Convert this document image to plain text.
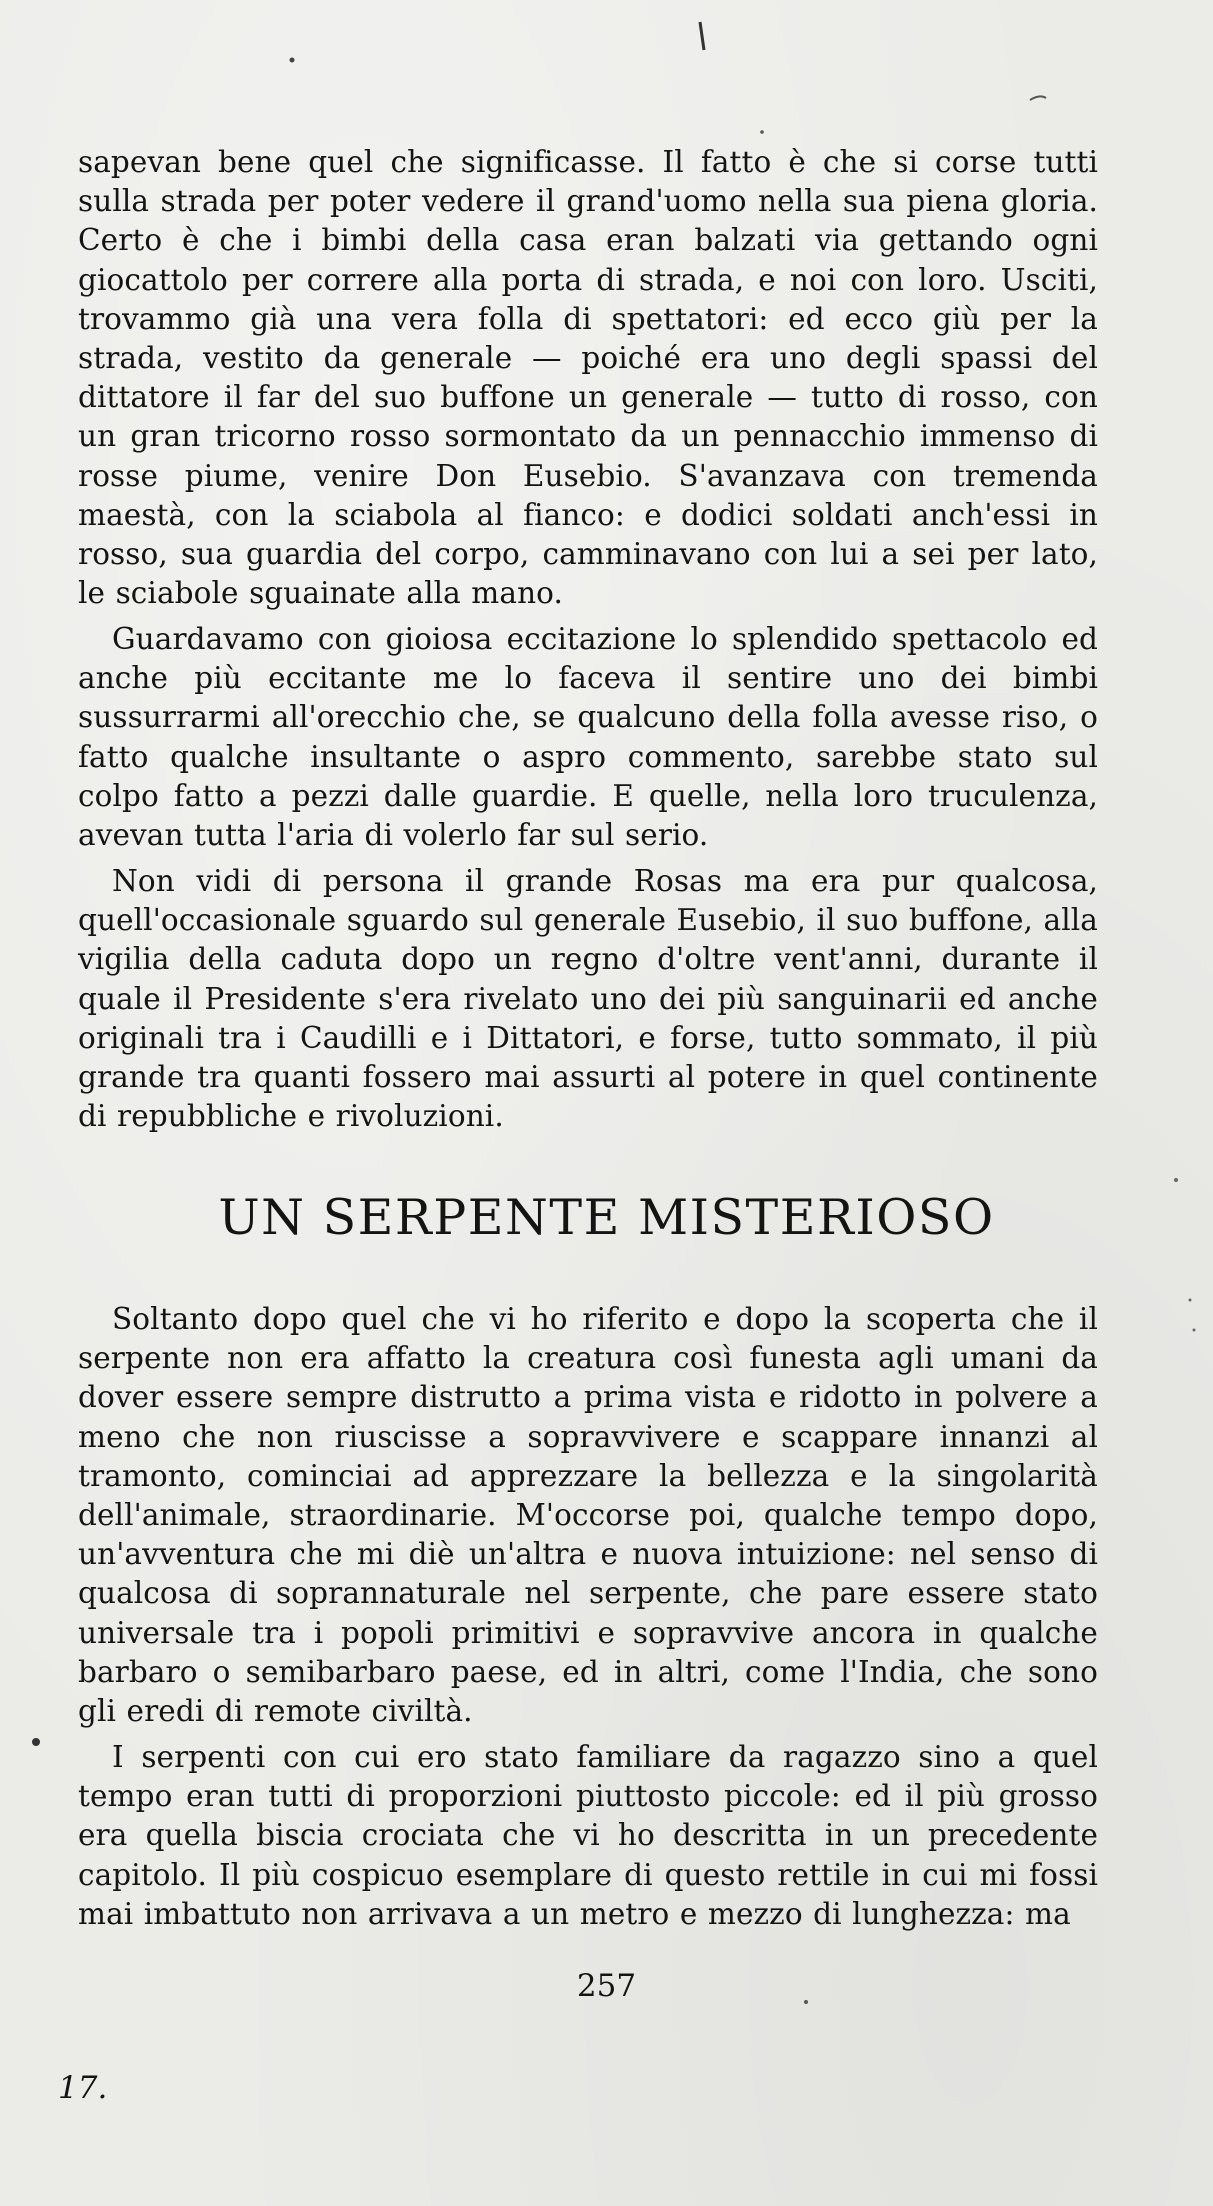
sapevan bene quel che significasse. Il fatto è che si corse tutti sulla strada per poter vedere il grand'uomo nella sua piena gloria. Certo è che i bimbi della casa eran balzati via gettando ogni giocattolo per correre alla porta di strada, e noi con loro. Usciti, trovammo già una vera folla di spettatori: ed ecco giù per la strada, vestito da generale — poiché era uno degli spassi del dittatore il far del suo buffone un generale — tutto di rosso, con un gran tricorno rosso sormontato da un pennacchio immenso di rosse piume, venire Don Eusebio. S'avanzava con tremenda maestà, con la sciabola al fianco: e dodici soldati anch'essi in rosso, sua guardia del corpo, camminavano con lui a sei per lato, le sciabole sguainate alla mano.

Guardavamo con gioiosa eccitazione lo splendido spettacolo ed anche più eccitante me lo faceva il sentire uno dei bimbi sussurrarmi all'orecchio che, se qualcuno della folla avesse riso, o fatto qualche insultante o aspro commento, sarebbe stato sul colpo fatto a pezzi dalle guardie. E quelle, nella loro truculenza, avevan tutta l'aria di volerlo far sul serio.

Non vidi di persona il grande Rosas ma era pur qualcosa, quell'occasionale sguardo sul generale Eusebio, il suo buffone, alla vigilia della caduta dopo un regno d'oltre vent'anni, durante il quale il Presidente s'era rivelato uno dei più sanguinarii ed anche originali tra i Caudilli e i Dittatori, e forse, tutto sommato, il più grande tra quanti fossero mai assurti al potere in quel continente di repubbliche e rivoluzioni.

UN SERPENTE MISTERIOSO

Soltanto dopo quel che vi ho riferito e dopo la scoperta che il serpente non era affatto la creatura così funesta agli umani da dover essere sempre distrutto a prima vista e ridotto in polvere a meno che non riuscisse a sopravvivere e scappare innanzi al tramonto, cominciai ad apprezzare la bellezza e la singolarità dell'animale, straordinarie. M'occorse poi, qualche tempo dopo, un'avventura che mi diè un'altra e nuova intuizione: nel senso di qualcosa di soprannaturale nel serpente, che pare essere stato universale tra i popoli primitivi e sopravvive ancora in qualche barbaro o semibarbaro paese, ed in altri, come l'India, che sono gli eredi di remote civiltà.

I serpenti con cui ero stato familiare da ragazzo sino a quel tempo eran tutti di proporzioni piuttosto piccole: ed il più grosso era quella biscia crociata che vi ho descritta in un precedente capitolo. Il più cospicuo esemplare di questo rettile in cui mi fossi mai imbattuto non arrivava a un metro e mezzo di lunghezza: ma

257
17.
